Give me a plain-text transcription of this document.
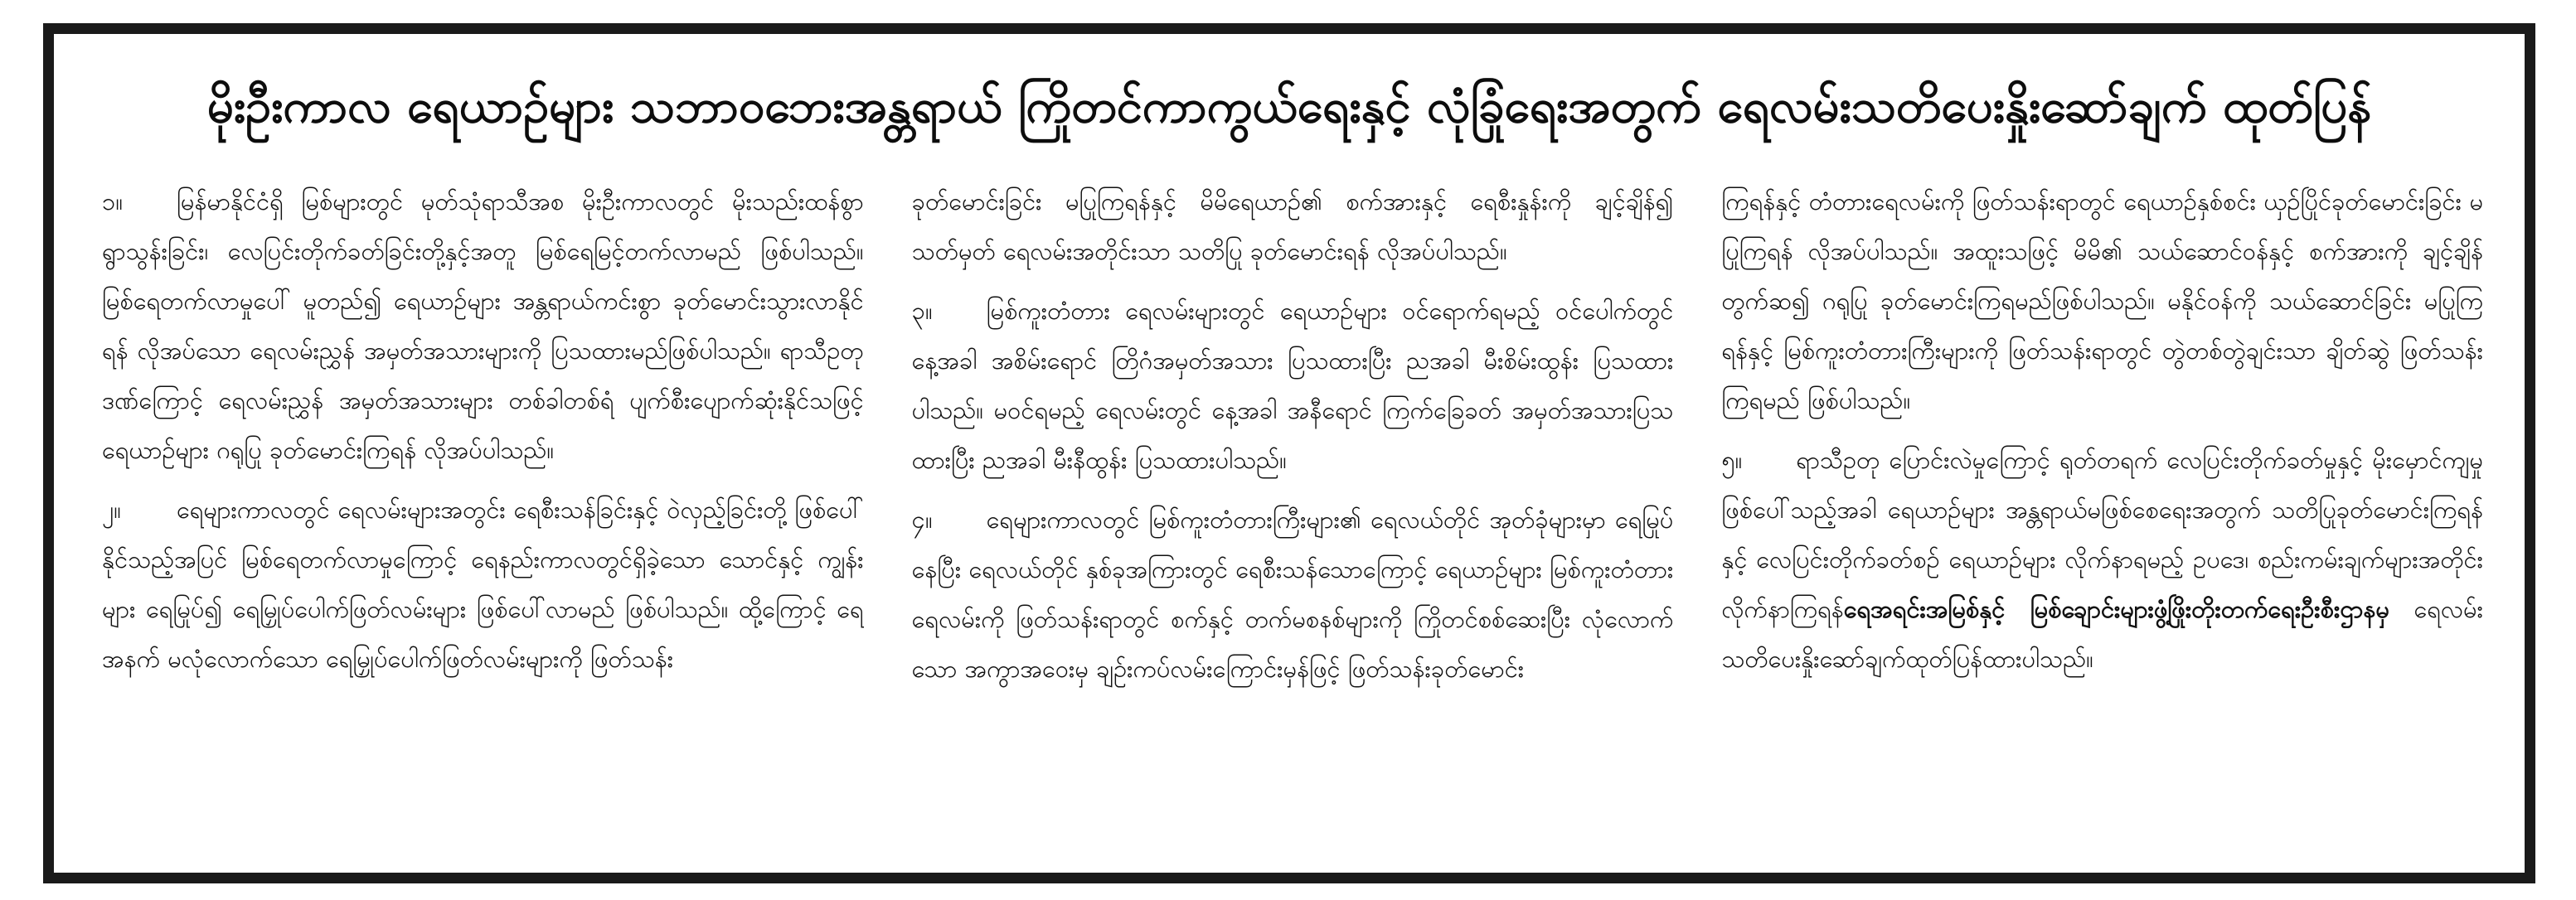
မိုးဦးကာလ ရေယာဉ်များ သဘာဝဘေးအန္တရာယ် ကြိုတင်ကာကွယ်ရေးနှင့် လုံခြုံရေးအတွက် ရေလမ်းသတိပေးနှိုးဆော်ချက် ထုတ်ပြန်

၁။ မြန်မာနိုင်ငံရှိ မြစ်များတွင် မုတ်သုံရာသီအစ မိုးဦးကာလတွင် မိုးသည်းထန်စွာရွာသွန်းခြင်း၊ လေပြင်းတိုက်ခတ်ခြင်းတို့နှင့်အတူ မြစ်ရေမြင့်တက်လာမည် ဖြစ်ပါသည်။ မြစ်ရေတက်လာမှုပေါ် မူတည်၍ ရေယာဉ်များ အန္တရာယ်ကင်းစွာ ခုတ်မောင်းသွားလာနိုင်ရန် လိုအပ်သော ရေလမ်းညွှန် အမှတ်အသားများကို ပြသထားမည်ဖြစ်ပါသည်။ ရာသီဥတုဒဏ်ကြောင့် ရေလမ်းညွှန် အမှတ်အသားများ တစ်ခါတစ်ရံ ပျက်စီးပျောက်ဆုံးနိုင်သဖြင့် ရေယာဉ်များ ဂရုပြု ခုတ်မောင်းကြရန် လိုအပ်ပါသည်။

၂။ ရေများကာလတွင် ရေလမ်းများအတွင်း ရေစီးသန်ခြင်းနှင့် ဝဲလှည့်ခြင်းတို့ ဖြစ်ပေါ်နိုင်သည့်အပြင် မြစ်ရေတက်လာမှုကြောင့် ရေနည်းကာလတွင်ရှိခဲ့သော သောင်နှင့် ကျွန်းများ ရေမြုပ်၍ ရေမြှုပ်ပေါက်ဖြတ်လမ်းများ ဖြစ်ပေါ်လာမည် ဖြစ်ပါသည်။ ထို့ကြောင့် ရေ အနက် မလုံလောက်သော ရေမြှုပ်ပေါက်ဖြတ်လမ်းများကို ဖြတ်သန်း

ခုတ်မောင်းခြင်း မပြုကြရန်နှင့် မိမိရေယာဉ်၏ စက်အားနှင့် ရေစီးနှုန်းကို ချင့်ချိန်၍ သတ်မှတ် ရေလမ်းအတိုင်းသာ သတိပြု ခုတ်မောင်းရန် လိုအပ်ပါသည်။

၃။ မြစ်ကူးတံတား ရေလမ်းများတွင် ရေယာဉ်များ ဝင်ရောက်ရမည့် ဝင်ပေါက်တွင် နေ့အခါ အစိမ်းရောင် တြိဂံအမှတ်အသား ပြသထားပြီး ညအခါ မီးစိမ်းထွန်း ပြသထားပါသည်။ မဝင်ရမည့် ရေလမ်းတွင် နေ့အခါ အနီရောင် ကြက်ခြေခတ် အမှတ်အသားပြသထားပြီး ညအခါ မီးနီထွန်း ပြသထားပါသည်။

၄။ ရေများကာလတွင် မြစ်ကူးတံတားကြီးများ၏ ရေလယ်တိုင် အုတ်ခုံများမှာ ရေမြုပ်နေပြီး ရေလယ်တိုင် နှစ်ခုအကြားတွင် ရေစီးသန်သောကြောင့် ရေယာဉ်များ မြစ်ကူးတံတား ရေလမ်းကို ဖြတ်သန်းရာတွင် စက်နှင့် တက်မစနစ်များကို ကြိုတင်စစ်ဆေးပြီး လုံလောက်သော အကွာအဝေးမှ ချဉ်းကပ်လမ်းကြောင်းမှန်ဖြင့် ဖြတ်သန်းခုတ်မောင်း

ကြရန်နှင့် တံတားရေလမ်းကို ဖြတ်သန်းရာတွင် ရေယာဉ်နှစ်စင်း ယှဉ်ပြိုင်ခုတ်မောင်းခြင်း မပြုကြရန် လိုအပ်ပါသည်။ အထူးသဖြင့် မိမိ၏ သယ်ဆောင်ဝန်နှင့် စက်အားကို ချင့်ချိန်တွက်ဆ၍ ဂရုပြု ခုတ်မောင်းကြရမည်ဖြစ်ပါသည်။ မနိုင်ဝန်ကို သယ်ဆောင်ခြင်း မပြုကြရန်နှင့် မြစ်ကူးတံတားကြီးများကို ဖြတ်သန်းရာတွင် တွဲတစ်တွဲချင်းသာ ချိတ်ဆွဲ ဖြတ်သန်းကြရမည် ဖြစ်ပါသည်။

၅။ ရာသီဥတု ပြောင်းလဲမှုကြောင့် ရုတ်တရက် လေပြင်းတိုက်ခတ်မှုနှင့် မိုးမှောင်ကျမှုဖြစ်ပေါ်သည့်အခါ ရေယာဉ်များ အန္တရာယ်မဖြစ်စေရေးအတွက် သတိပြုခုတ်မောင်းကြရန်နှင့် လေပြင်းတိုက်ခတ်စဉ် ရေယာဉ်များ လိုက်နာရမည့် ဥပဒေ၊ စည်းကမ်းချက်များအတိုင်း လိုက်နာကြရန်ရေအရင်းအမြစ်နှင့် မြစ်ချောင်းများဖွံ့ဖြိုးတိုးတက်ရေးဦးစီးဌာနမှ ရေလမ်းသတိပေးနှိုးဆော်ချက်ထုတ်ပြန်ထားပါသည်။
